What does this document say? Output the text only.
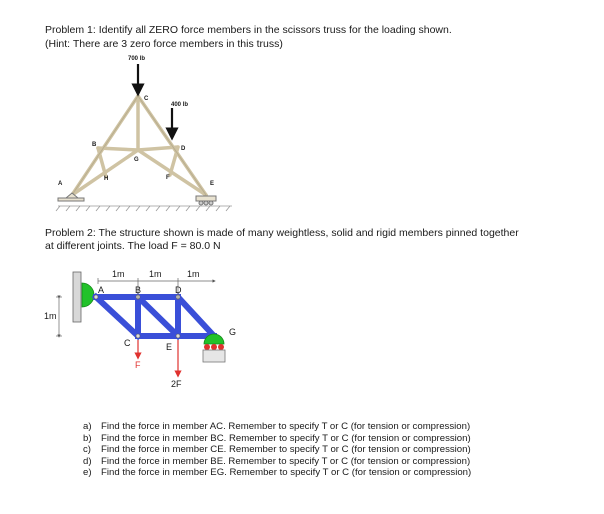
Problem 1: Identify all ZERO force members in the scissors truss for the loading shown.
(Hint: There are 3 zero force members in this truss)
700 lb
400 lb
A
B
C
D
E
F
G
H
Problem 2: The structure shown is made of many weightless, solid and rigid members pinned together
at different joints. The load F = 80.0 N
1m	1m	1m
1m
A	B
C
D
E
F
G
2F
a) Find the force in member AC. Remember to specify T or C (for tension or compression)
b) Find the force in member BC. Remember to specify T or C (for tension or compression)
c) Find the force in member CE. Remember to specify T or C (for tension or compression)
d) Find the force in member BE. Remember to specify T or C (for tension or compression)
e) Find the force in member EG. Remember to specify T or C (for tension or compression)
